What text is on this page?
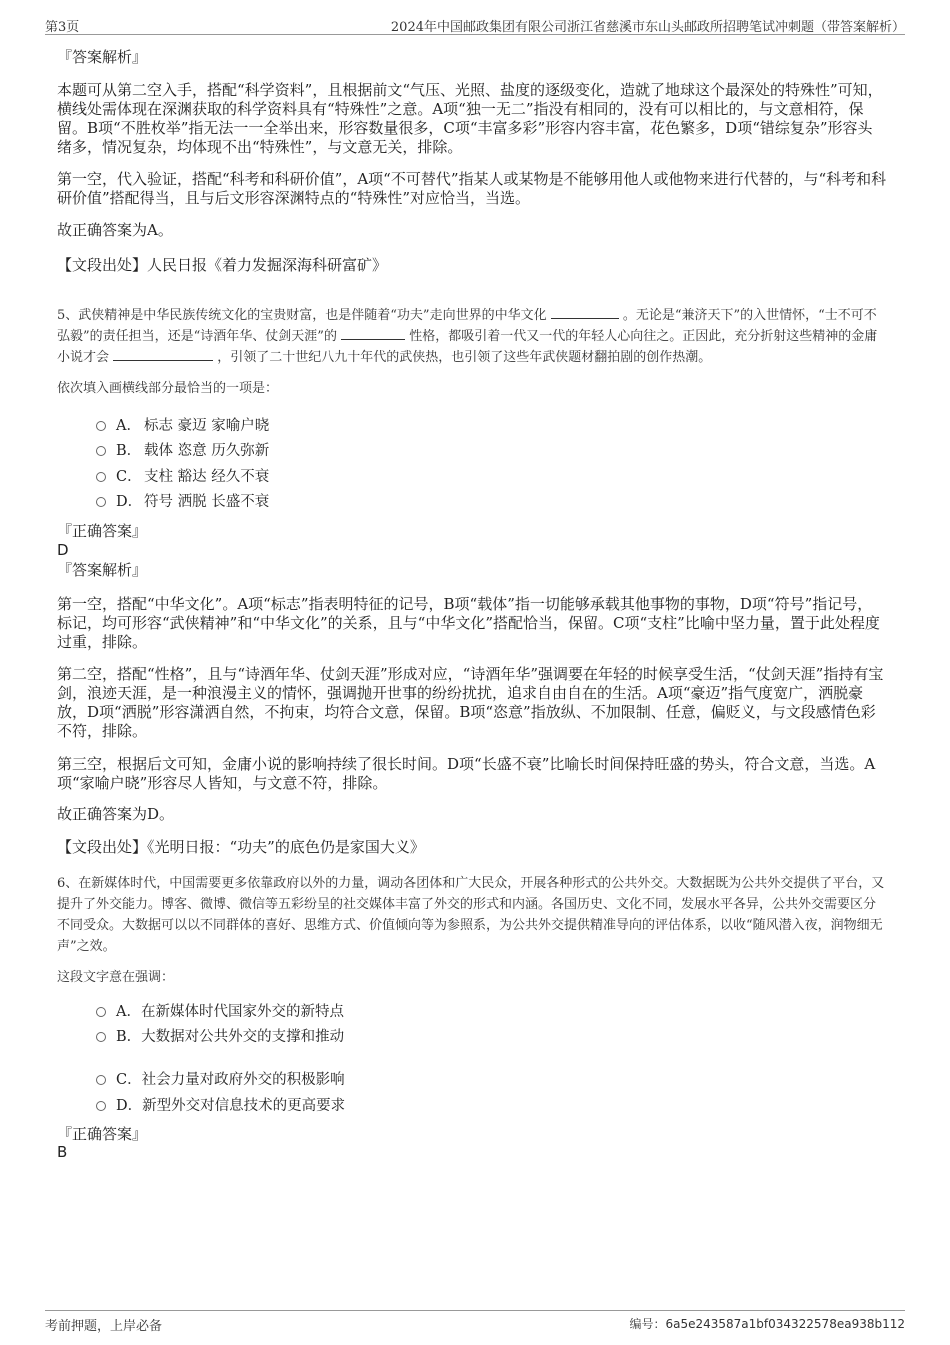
第3页	2024年中国邮政集团有限公司浙江省慈溪市东山头邮政所招聘笔试冲刺题（带答案解析）
『答案解析』

本题可从第二空入手，搭配“科学资料”，且根据前文“气压、光照、盐度的逐级变化，造就了地球这个最深处的特殊性”可知，横线处需体现在深渊获取的科学资料具有“特殊性”之意。A项“独一无二”指没有相同的，没有可以相比的，与文意相符，保留。B项“不胜枚举”指无法一一全举出来，形容数量很多，C项“丰富多彩”形容内容丰富，花色繁多，D项“错综复杂”形容头绪多，情况复杂，均体现不出“特殊性”，与文意无关，排除。

第一空，代入验证，搭配“科考和科研价值”，A项“不可替代”指某人或某物是不能够用他人或他物来进行代替的，与“科考和科研价值”搭配得当，且与后文形容深渊特点的“特殊性”对应恰当，当选。

故正确答案为A。

【文段出处】人民日报《着力发掘深海科研富矿》

5、武侠精神是中华民族传统文化的宝贵财富，也是伴随着“功夫”走向世界的中华文化	。无论是“兼济天下”的入世情怀，“士不可不弘毅”的责任担当，还是“诗酒年华、仗剑天涯”的	性格，都吸引着一代又一代的年轻人心向往之。正因此，充分折射这些精神的金庸小说才会	，引领了二十世纪八九十年代的武侠热，也引领了这些年武侠题材翻拍剧的创作热潮。
依次填入画横线部分最恰当的一项是：
A． 标志 豪迈 家喻户晓
B． 载体 恣意 历久弥新
C． 支柱 豁达 经久不衰
D． 符号 洒脱 长盛不衰
『正确答案』
D
『答案解析』

第一空，搭配“中华文化”。A项“标志”指表明特征的记号，B项“载体”指一切能够承载其他事物的事物，D项“符号”指记号，标记，均可形容“武侠精神”和“中华文化”的关系，且与“中华文化”搭配恰当，保留。C项“支柱”比喻中坚力量，置于此处程度过重，排除。

第二空，搭配“性格”，且与“诗酒年华、仗剑天涯”形成对应，“诗酒年华”强调要在年轻的时候享受生活，“仗剑天涯”指持有宝剑，浪迹天涯，是一种浪漫主义的情怀，强调抛开世事的纷纷扰扰，追求自由自在的生活。A项“豪迈”指气度宽广，洒脱豪放，D项“洒脱”形容潇洒自然，不拘束，均符合文意，保留。B项“恣意”指放纵、不加限制、任意，偏贬义，与文段感情色彩不符，排除。

第三空，根据后文可知，金庸小说的影响持续了很长时间。D项“长盛不衰”比喻长时间保持旺盛的势头，符合文意，当选。A项“家喻户晓”形容尽人皆知，与文意不符，排除。

故正确答案为D。

【文段出处】《光明日报：“功夫”的底色仍是家国大义》

6、在新媒体时代，中国需要更多依靠政府以外的力量，调动各团体和广大民众，开展各种形式的公共外交。大数据既为公共外交提供了平台，又提升了外交能力。博客、微博、微信等五彩纷呈的社交媒体丰富了外交的形式和内涵。各国历史、文化不同，发展水平各异，公共外交需要区分不同受众。大数据可以以不同群体的喜好、思维方式、价值倾向等为参照系，为公共外交提供精准导向的评估体系，以收“随风潜入夜，润物细无声”之效。
这段文字意在强调：
A．在新媒体时代国家外交的新特点
B．大数据对公共外交的支撑和推动
C．社会力量对政府外交的积极影响
D．新型外交对信息技术的更高要求
『正确答案』
B
考前押题，上岸必备	编号：6a5e243587a1bf034322578ea938b112
